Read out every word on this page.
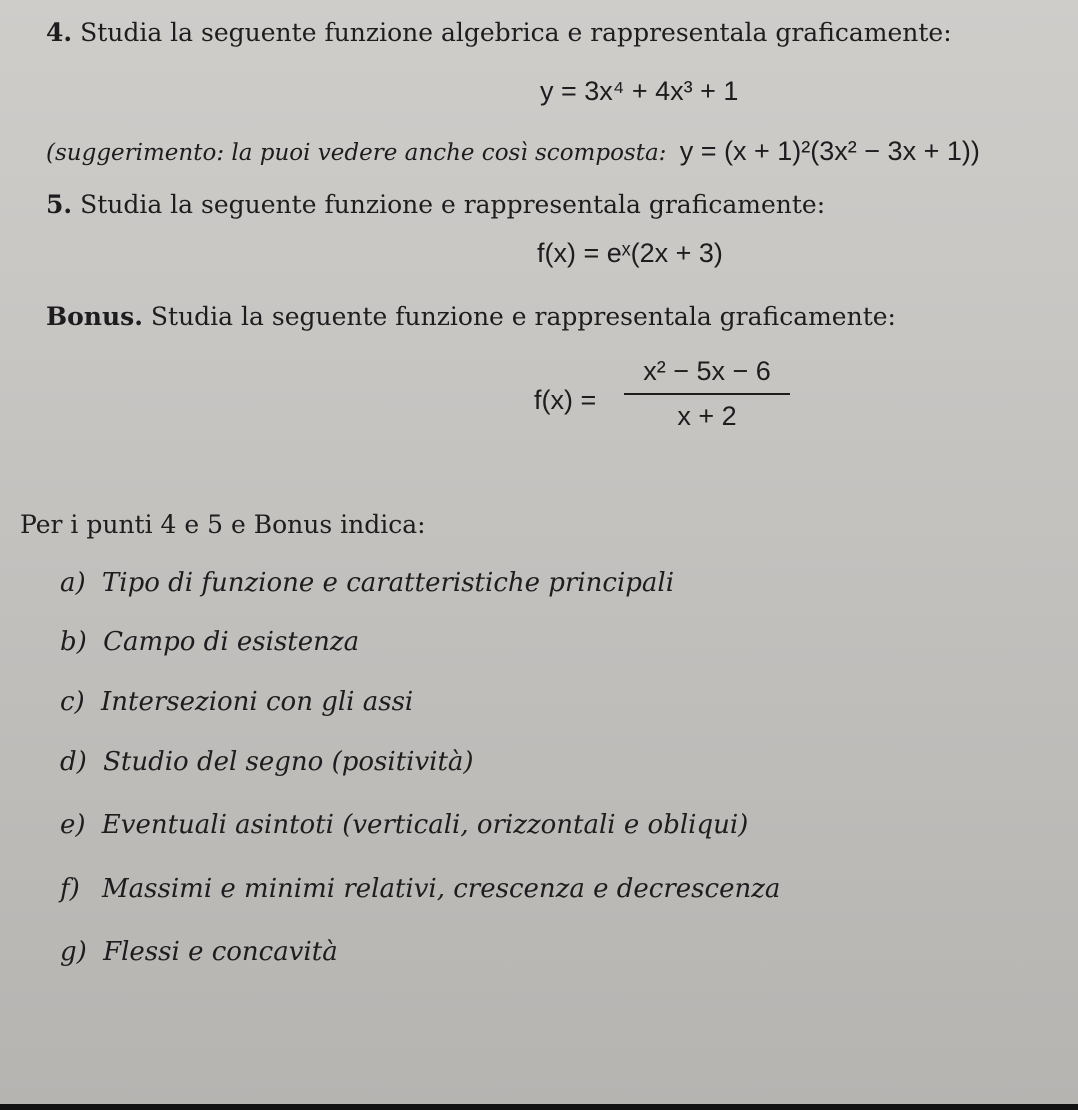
4. Studia la seguente funzione algebrica e rappresentala graficamente:
y = 3x⁴ + 4x³ + 1
(suggerimento: la puoi vedere anche così scomposta: y = (x + 1)²(3x² − 3x + 1))
5. Studia la seguente funzione e rappresentala graficamente:
f(x) = eˣ(2x + 3)
Bonus. Studia la seguente funzione e rappresentala graficamente:
f(x) =
x² − 5x − 6
x + 2
Per i punti 4 e 5 e Bonus indica:
a) Tipo di funzione e caratteristiche principali
b) Campo di esistenza
c) Intersezioni con gli assi
d) Studio del segno (positività)
e) Eventuali asintoti (verticali, orizzontali e obliqui)
f) Massimi e minimi relativi, crescenza e decrescenza
g) Flessi e concavità
